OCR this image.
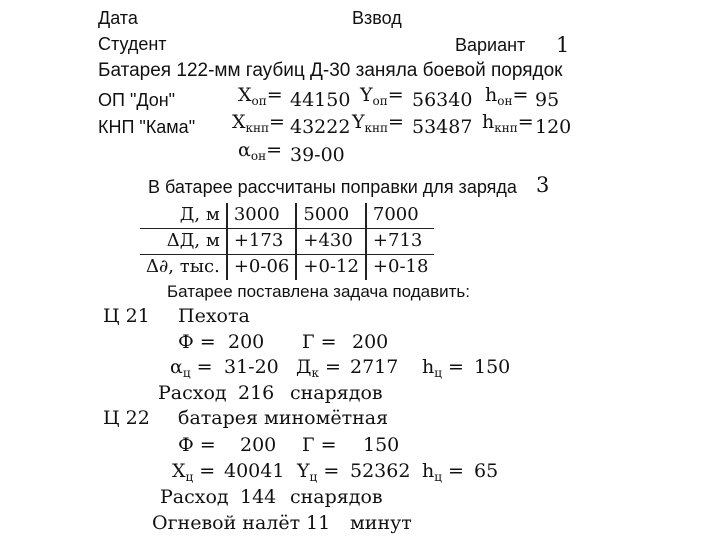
Дата	Взвод
Студент	Вариант 1
Батарея 122-мм гаубиц Д-30 заняла боевой порядок
ОП "Дон"	$X_{оп}= 44150$ $Y_{оп}= 56340$ $h_{он}= 95$
КНП "Кама" $X_{кнп}= 43222$ $Y_{кнп}= 53487$ $h_{кнп}= 120$
$\alpha_{он}= 39-00$
В батарее рассчитаны поправки для заряда 3
Д, м	3000	5000	7000
ΔД, м	+173	+430	+713
Δ∂, тыс.	+0-06	+0-12	+0-18
Батарее поставлена задача подавить:
Ц 21 Пехота
Ф = 200 Г = 200
$\alpha_ц = 31-20$ $Д_к = 2717$ $h_ц = 150$
Расход 216 снарядов
Ц 22 батарея миномётная
Ф = 200 Г = 150
$X_ц = 40041$ $Y_ц = 52362$ $h_ц = 65$
Расход 144 снарядов
Огневой налёт 11 минут
